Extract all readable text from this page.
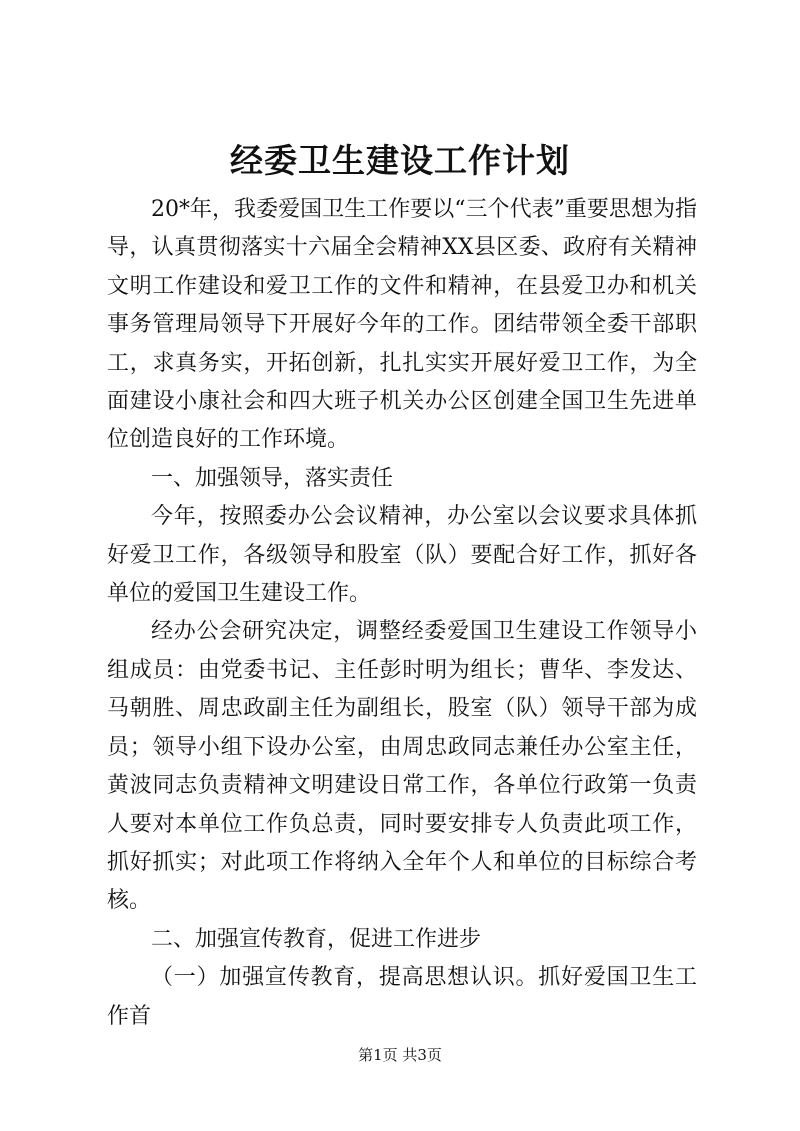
经委卫生建设工作计划

20*年，我委爱国卫生工作要以“三个代表”重要思想为指导，认真贯彻落实十六届全会精神XX县区委、政府有关精神文明工作建设和爱卫工作的文件和精神，在县爱卫办和机关事务管理局领导下开展好今年的工作。团结带领全委干部职工，求真务实，开拓创新，扎扎实实开展好爱卫工作，为全面建设小康社会和四大班子机关办公区创建全国卫生先进单位创造良好的工作环境。

一、加强领导，落实责任

今年，按照委办公会议精神，办公室以会议要求具体抓好爱卫工作，各级领导和股室（队）要配合好工作，抓好各单位的爱国卫生建设工作。

经办公会研究决定，调整经委爱国卫生建设工作领导小组成员：由党委书记、主任彭时明为组长；曹华、李发达、马朝胜、周忠政副主任为副组长，股室（队）领导干部为成员；领导小组下设办公室，由周忠政同志兼任办公室主任，黄波同志负责精神文明建设日常工作，各单位行政第一负责人要对本单位工作负总责，同时要安排专人负责此项工作，抓好抓实；对此项工作将纳入全年个人和单位的目标综合考核。

二、加强宣传教育，促进工作进步

（一）加强宣传教育，提高思想认识。抓好爱国卫生工作首

第1页 共3页
